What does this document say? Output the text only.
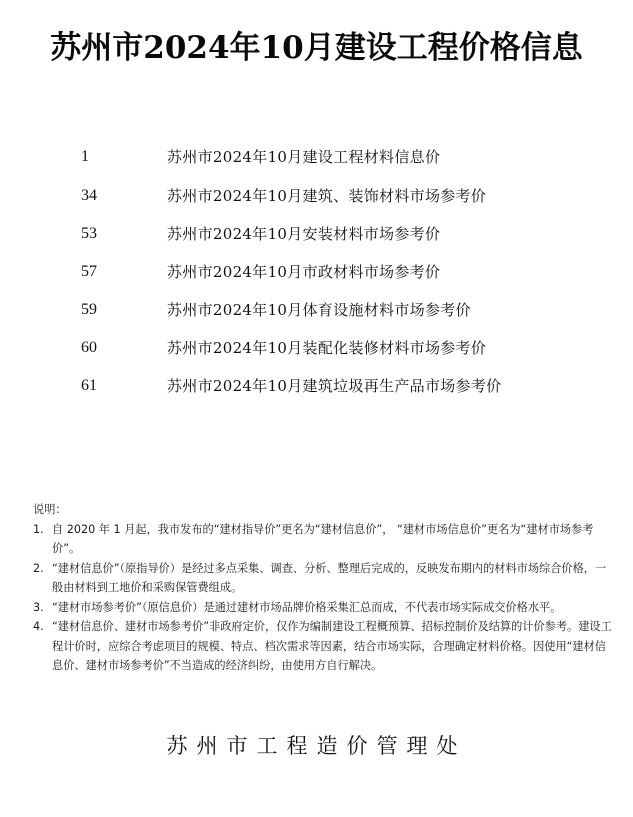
苏州市2024年10月建设工程价格信息
1	苏州市2024年10月建设工程材料信息价
34	苏州市2024年10月建筑、装饰材料市场参考价
53	苏州市2024年10月安装材料市场参考价
57	苏州市2024年10月市政材料市场参考价
59	苏州市2024年10月体育设施材料市场参考价
60	苏州市2024年10月装配化装修材料市场参考价
61	苏州市2024年10月建筑垃圾再生产品市场参考价

说明：

1. 自 2020 年 1 月起，我市发布的“建材指导价”更名为“建材信息价”， “建材市场信息价”更名为“建材市场参考价”。

2. “建材信息价”（原指导价）是经过多点采集、调查、分析、整理后完成的，反映发布期内的材料市场综合价格，一般由材料到工地价和采购保管费组成。

3. “建材市场参考价”（原信息价）是通过建材市场品牌价格采集汇总而成，不代表市场实际成交价格水平。

4. “建材信息价、建材市场参考价”非政府定价，仅作为编制建设工程概预算、招标控制价及结算的计价参考。建设工程计价时，应综合考虑项目的规模、特点、档次需求等因素，结合市场实际，合理确定材料价格。因使用“建材信息价、建材市场参考价”不当造成的经济纠纷，由使用方自行解决。

苏州市工程造价管理处
